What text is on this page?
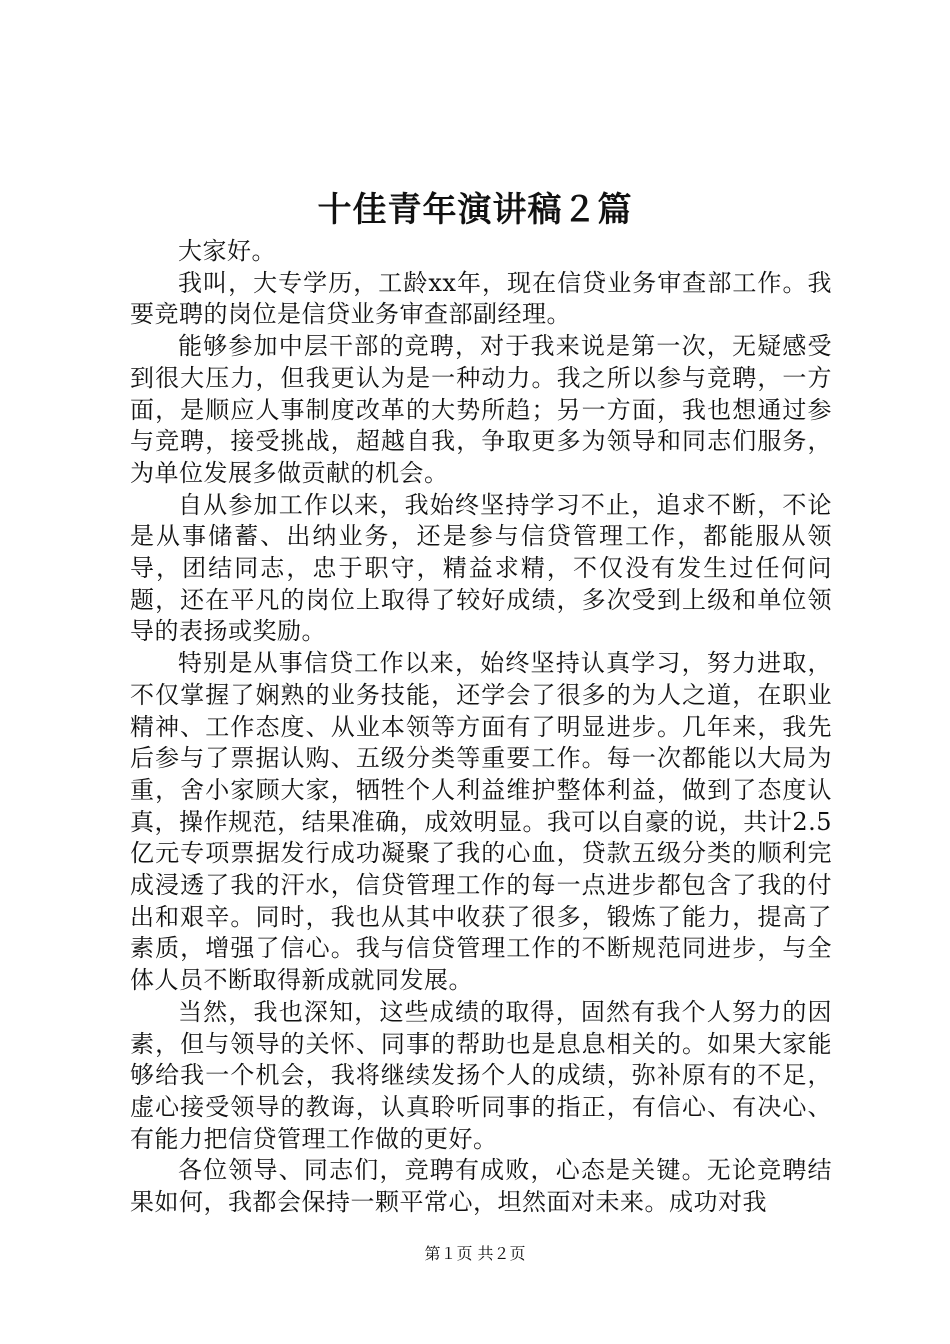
十佳青年演讲稿２篇

大家好。

我叫，大专学历，工龄xx年，现在信贷业务审查部工作。我要竞聘的岗位是信贷业务审查部副经理。

能够参加中层干部的竞聘，对于我来说是第一次，无疑感受到很大压力，但我更认为是一种动力。我之所以参与竞聘，一方面，是顺应人事制度改革的大势所趋；另一方面，我也想通过参与竞聘，接受挑战，超越自我，争取更多为领导和同志们服务，为单位发展多做贡献的机会。

自从参加工作以来，我始终坚持学习不止，追求不断，不论是从事储蓄、出纳业务，还是参与信贷管理工作，都能服从领导，团结同志，忠于职守，精益求精，不仅没有发生过任何问题，还在平凡的岗位上取得了较好成绩，多次受到上级和单位领导的表扬或奖励。

特别是从事信贷工作以来，始终坚持认真学习，努力进取，不仅掌握了娴熟的业务技能，还学会了很多的为人之道，在职业精神、工作态度、从业本领等方面有了明显进步。几年来，我先后参与了票据认购、五级分类等重要工作。每一次都能以大局为重，舍小家顾大家，牺牲个人利益维护整体利益，做到了态度认真，操作规范，结果准确，成效明显。我可以自豪的说，共计2.5亿元专项票据发行成功凝聚了我的心血，贷款五级分类的顺利完成浸透了我的汗水，信贷管理工作的每一点进步都包含了我的付出和艰辛。同时，我也从其中收获了很多，锻炼了能力，提高了素质，增强了信心。我与信贷管理工作的不断规范同进步，与全体人员不断取得新成就同发展。

当然，我也深知，这些成绩的取得，固然有我个人努力的因素，但与领导的关怀、同事的帮助也是息息相关的。如果大家能够给我一个机会，我将继续发扬个人的成绩，弥补原有的不足，虚心接受领导的教诲，认真聆听同事的指正，有信心、有决心、有能力把信贷管理工作做的更好。

各位领导、同志们，竞聘有成败，心态是关键。无论竞聘结果如何，我都会保持一颗平常心，坦然面对未来。成功对我

第１页 共２页
